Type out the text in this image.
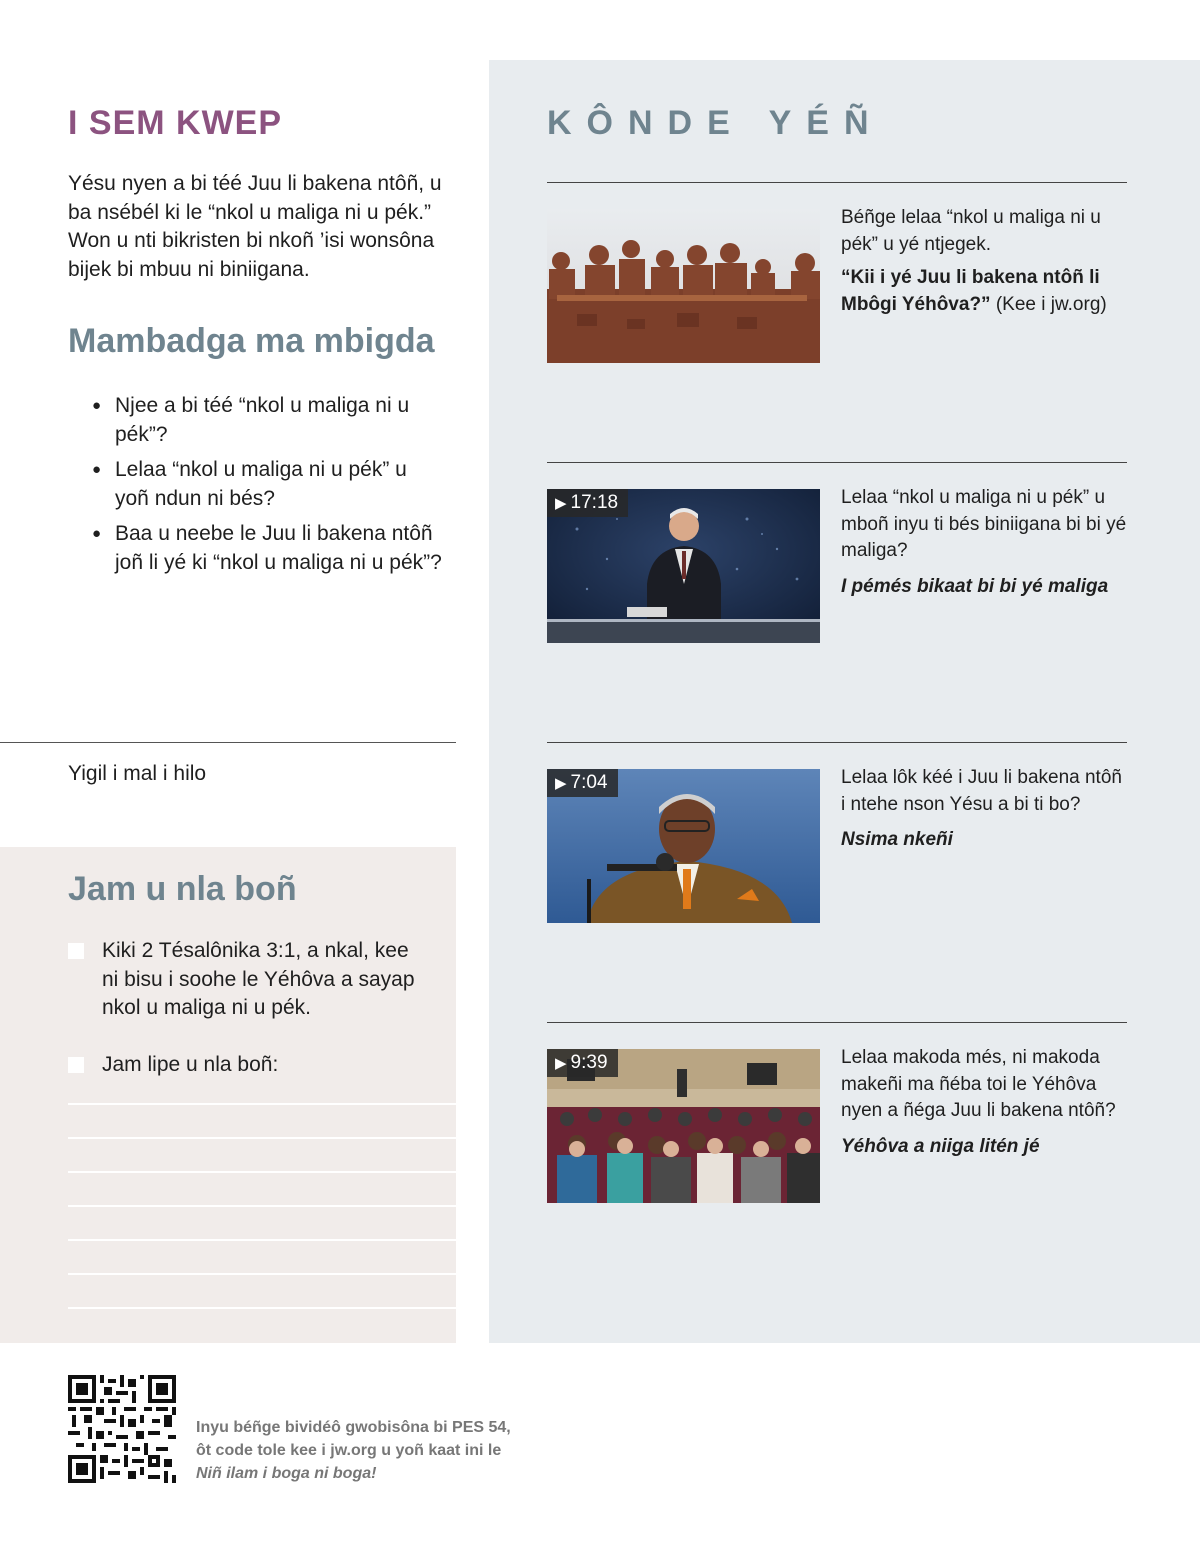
I SEM KWEP
Yésu nyen a bi téé Juu li bakena ntôñ, u ba nsébél ki le “nkol u maliga ni u pék.” Won u nti bikristen bi nkoñ ’isi wonsôna bijek bi mbuu ni biniigana.
Mambadga ma mbigda
● Njee a bi téé “nkol u maliga ni u pék”?
● Lelaa “nkol u maliga ni u pék” u yoñ ndun ni bés?
● Baa u neebe le Juu li bakena ntôñ joñ li yé ki “nkol u maliga ni u pék”?
Yigil i mal i hilo
Jam u nla boñ
Kiki 2 Tésalônika 3:1, a nkal, kee ni bisu i soohe le Yéhôva a sayap nkol u maliga ni u pék.
Jam lipe u nla boñ:
KÔNDE YÉÑ
Béñge lelaa “nkol u maliga ni u pék” u yé ntjegek.
“Kii i yé Juu li bakena ntôñ li Mbôgi Yéhôva?” (Kee i jw.org)
▶ 17:18	Lelaa “nkol u maliga ni u pék” u mboñ inyu ti bés biniigana bi bi yé maliga?
I pémés bikaat bi bi yé maliga
▶ 7:04	Lelaa lôk kéé i Juu li bakena ntôñ i ntehe nson Yésu a bi ti bo?
Nsima nkeñi
▶ 9:39	Lelaa makoda més, ni makoda makeñi ma ñéba toi le Yéhôva nyen a ñéga Juu li bakena ntôñ?
Yéhôva a niiga litén jé
Inyu béñge bividéô gwobisôna bi PES 54,
ôt code tole kee i jw.org u yoñ kaat ini le
Niñ ilam i boga ni boga!
